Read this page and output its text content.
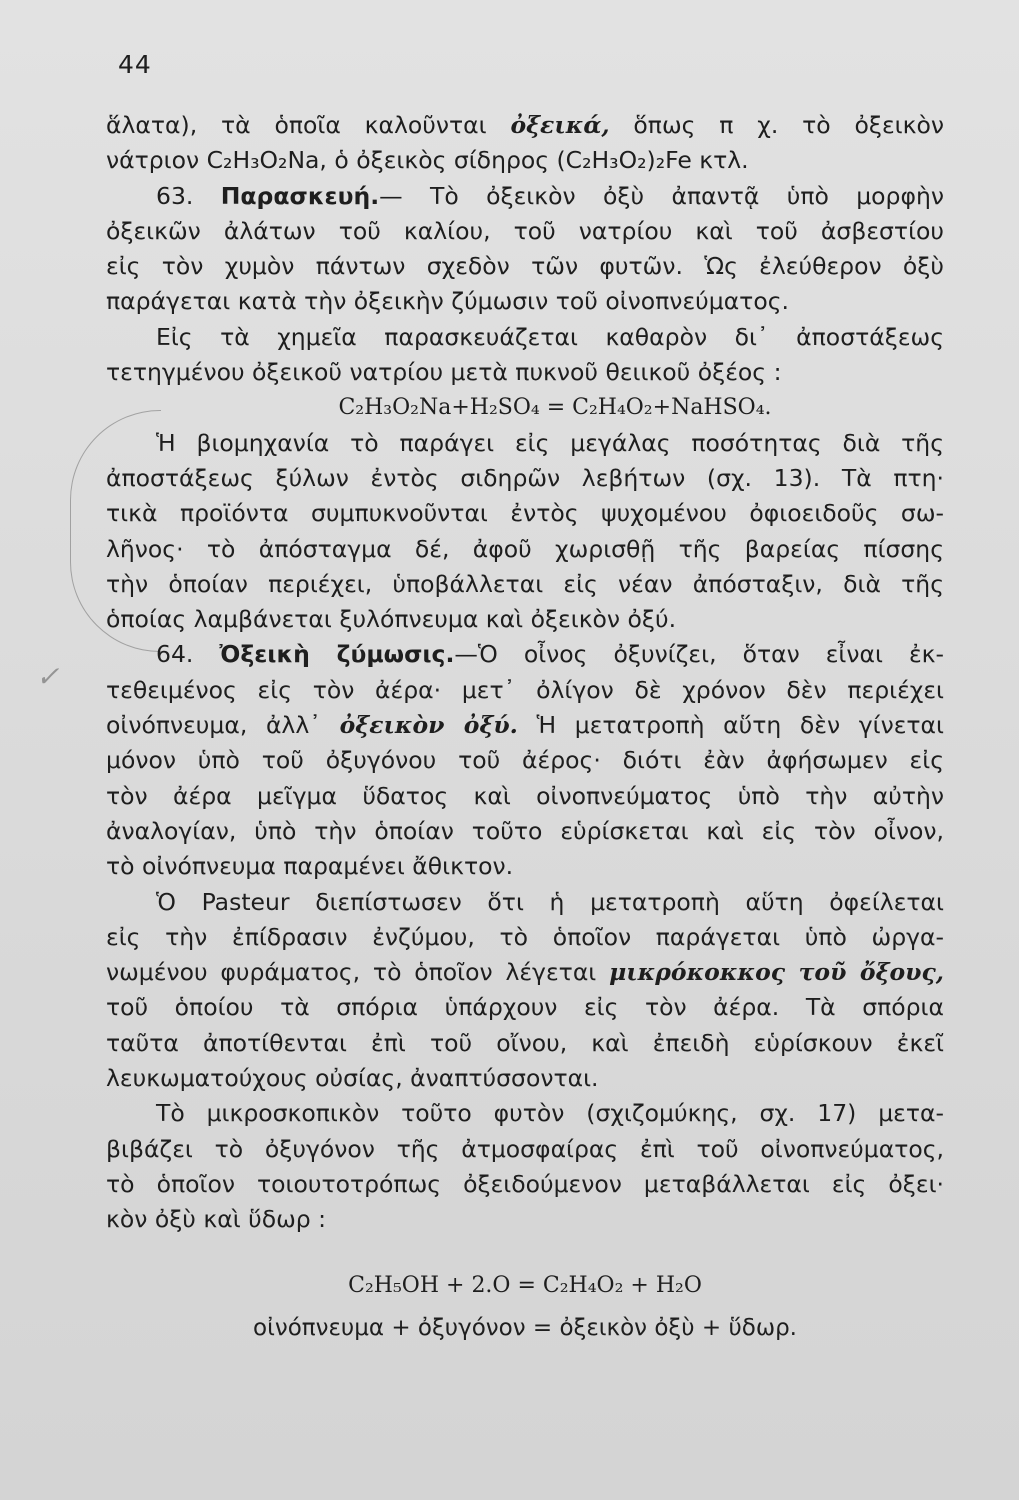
44
✓
ἅλατα), τὰ ὁποῖα καλοῦνται ὀξεικά, ὅπως π χ. τὸ ὀξεικὸν
νάτριον C₂H₃O₂Na, ὁ ὀξεικὸς σίδηρος (C₂H₃O₂)₂Fe κτλ.
63. Παρασκευή.— Τὸ ὀξεικὸν ὀξὺ ἀπαντᾷ ὑπὸ μορφὴν
ὀξεικῶν ἀλάτων τοῦ καλίου, τοῦ νατρίου καὶ τοῦ ἀσβεστίου
εἰς τὸν χυμὸν πάντων σχεδὸν τῶν φυτῶν. Ὡς ἐλεύθερον ὀξὺ
παράγεται κατὰ τὴν ὀξεικὴν ζύμωσιν τοῦ οἰνοπνεύματος.
Εἰς τὰ χημεῖα παρασκευάζεται καθαρὸν δι᾽ ἀποστάξεως
τετηγμένου ὀξεικοῦ νατρίου μετὰ πυκνοῦ θειικοῦ ὀξέος :
C₂H₃O₂Na+H₂SO₄ = C₂H₄O₂+NaHSO₄.
Ἡ βιομηχανία τὸ παράγει εἰς μεγάλας ποσότητας διὰ τῆς
ἀποστάξεως ξύλων ἐντὸς σιδηρῶν λεβήτων (σχ. 13). Τὰ πτη·
τικὰ προϊόντα συμπυκνοῦνται ἐντὸς ψυχομένου ὀφιοειδοῦς σω-
λῆνος· τὸ ἀπόσταγμα δέ, ἀφοῦ χωρισθῇ τῆς βαρείας πίσσης
τὴν ὁποίαν περιέχει, ὑποβάλλεται εἰς νέαν ἀπόσταξιν, διὰ τῆς
ὁποίας λαμβάνεται ξυλόπνευμα καὶ ὀξεικὸν ὀξύ.
64. Ὀξεικὴ ζύμωσις.—Ὁ οἶνος ὀξυνίζει, ὅταν εἶναι ἐκ-
τεθειμένος εἰς τὸν ἀέρα· μετ᾽ ὀλίγον δὲ χρόνον δὲν περιέχει
οἰνόπνευμα, ἀλλ᾽ ὀξεικὸν ὀξύ. Ἡ μετατροπὴ αὕτη δὲν γίνεται
μόνον ὑπὸ τοῦ ὀξυγόνου τοῦ ἀέρος· διότι ἐὰν ἀφήσωμεν εἰς
τὸν ἀέρα μεῖγμα ὕδατος καὶ οἰνοπνεύματος ὑπὸ τὴν αὐτὴν
ἀναλογίαν, ὑπὸ τὴν ὁποίαν τοῦτο εὑρίσκεται καὶ εἰς τὸν οἶνον,
τὸ οἰνόπνευμα παραμένει ἄθικτον.
Ὁ Pasteur διεπίστωσεν ὅτι ἡ μετατροπὴ αὕτη ὀφείλεται
εἰς τὴν ἐπίδρασιν ἐνζύμου, τὸ ὁποῖον παράγεται ὑπὸ ὠργα-
νωμένου φυράματος, τὸ ὁποῖον λέγεται μικρόκοκκος τοῦ ὄξους,
τοῦ ὁποίου τὰ σπόρια ὑπάρχουν εἰς τὸν ἀέρα. Τὰ σπόρια
ταῦτα ἀποτίθενται ἐπὶ τοῦ οἴνου, καὶ ἐπειδὴ εὑρίσκουν ἐκεῖ
λευκωματούχους οὐσίας, ἀναπτύσσονται.
Τὸ μικροσκοπικὸν τοῦτο φυτὸν (σχιζομύκης, σχ. 17) μετα-
βιβάζει τὸ ὀξυγόνον τῆς ἀτμοσφαίρας ἐπὶ τοῦ οἰνοπνεύματος,
τὸ ὁποῖον τοιουτοτρόπως ὀξειδούμενον μεταβάλλεται εἰς ὀξει·
κὸν ὀξὺ καὶ ὕδωρ :
C₂H₅OH + 2.O = C₂H₄O₂ + H₂O
οἰνόπνευμα + ὀξυγόνον = ὀξεικὸν ὀξὺ + ὕδωρ.
